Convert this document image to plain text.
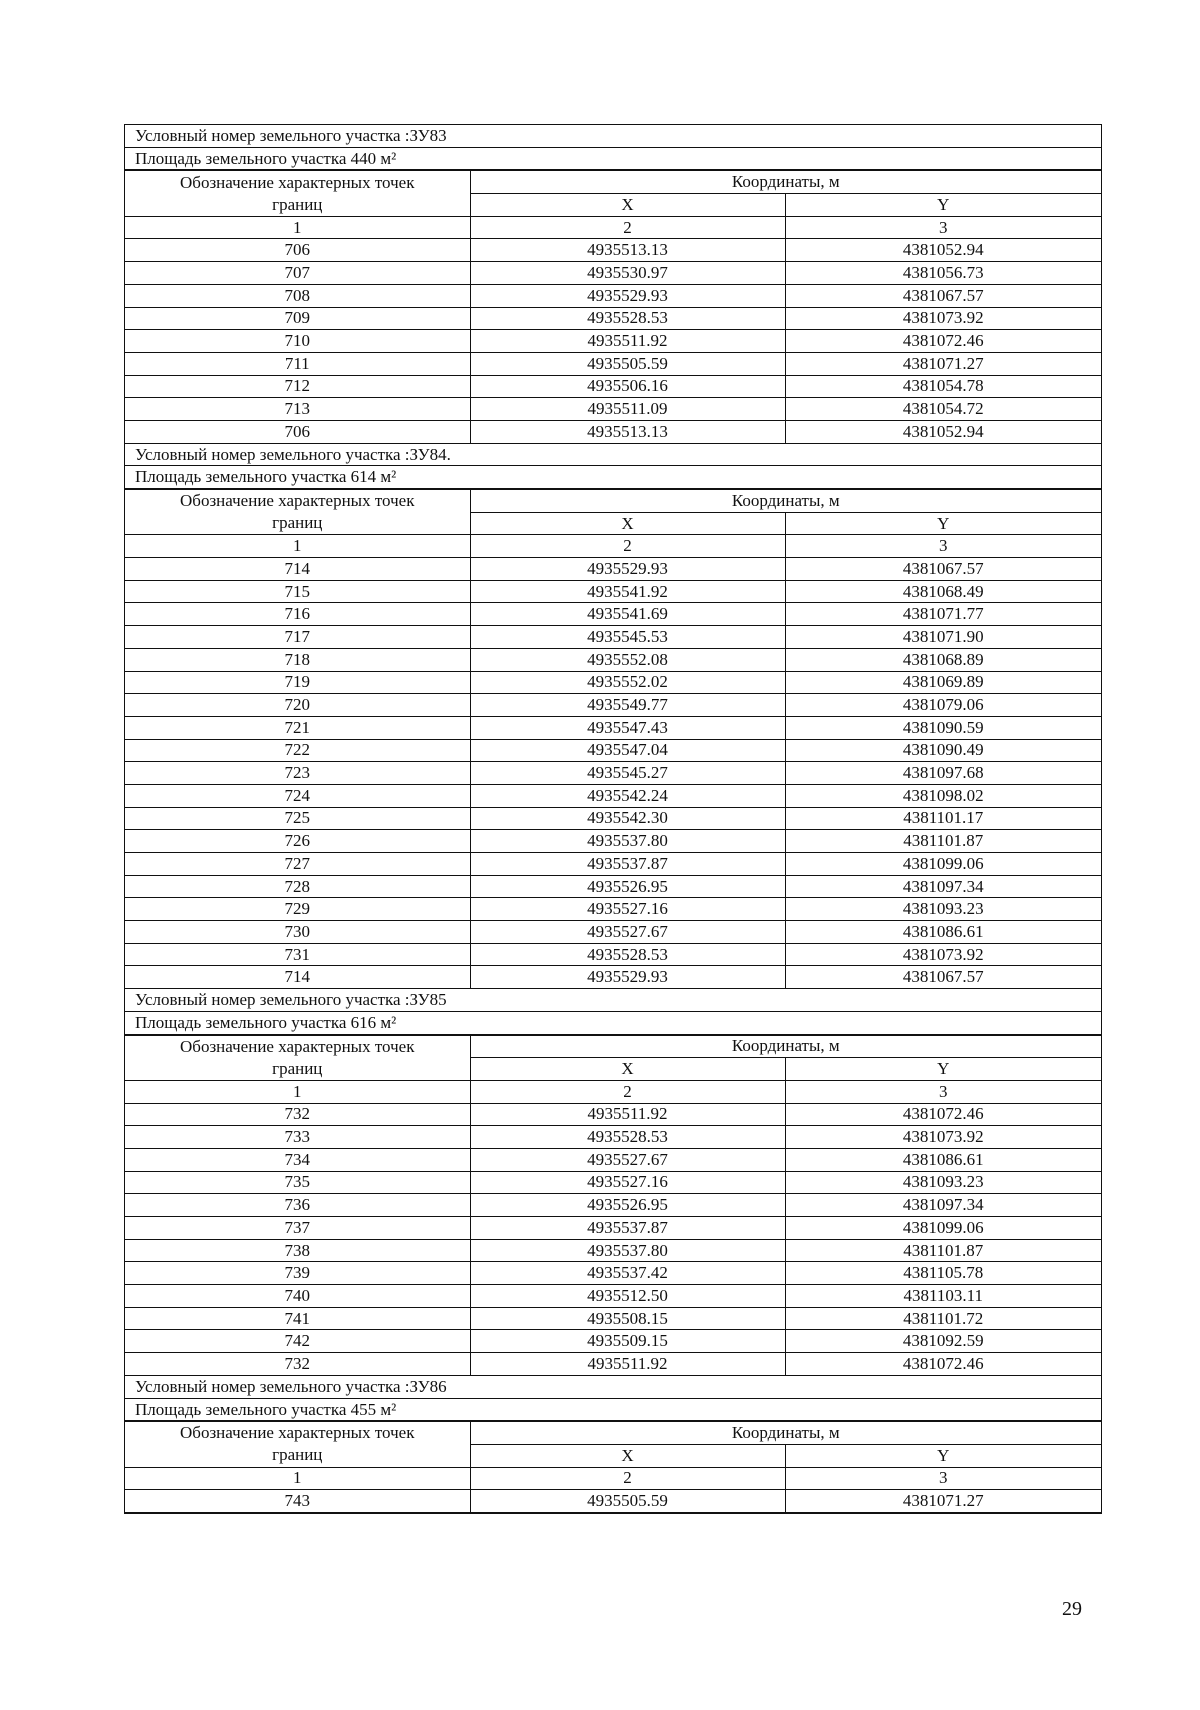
Условный номер земельного участка :ЗУ83
Площадь земельного участка 440 м²
Обозначение характерных точек
границ	Координаты, м	
	X	Y
1	2	3
706	4935513.13	4381052.94
707	4935530.97	4381056.73
708	4935529.93	4381067.57
709	4935528.53	4381073.92
710	4935511.92	4381072.46
711	4935505.59	4381071.27
712	4935506.16	4381054.78
713	4935511.09	4381054.72
706	4935513.13	4381052.94
Условный номер земельного участка :ЗУ84.
Площадь земельного участка 614 м²
Обозначение характерных точек
границ	Координаты, м	
	X	Y
1	2	3
714	4935529.93	4381067.57
715	4935541.92	4381068.49
716	4935541.69	4381071.77
717	4935545.53	4381071.90
718	4935552.08	4381068.89
719	4935552.02	4381069.89
720	4935549.77	4381079.06
721	4935547.43	4381090.59
722	4935547.04	4381090.49
723	4935545.27	4381097.68
724	4935542.24	4381098.02
725	4935542.30	4381101.17
726	4935537.80	4381101.87
727	4935537.87	4381099.06
728	4935526.95	4381097.34
729	4935527.16	4381093.23
730	4935527.67	4381086.61
731	4935528.53	4381073.92
714	4935529.93	4381067.57
Условный номер земельного участка :ЗУ85
Площадь земельного участка 616 м²
Обозначение характерных точек
границ	Координаты, м	
	X	Y
1	2	3
732	4935511.92	4381072.46
733	4935528.53	4381073.92
734	4935527.67	4381086.61
735	4935527.16	4381093.23
736	4935526.95	4381097.34
737	4935537.87	4381099.06
738	4935537.80	4381101.87
739	4935537.42	4381105.78
740	4935512.50	4381103.11
741	4935508.15	4381101.72
742	4935509.15	4381092.59
732	4935511.92	4381072.46
Условный номер земельного участка :ЗУ86
Площадь земельного участка 455 м²
Обозначение характерных точек
границ	Координаты, м	
	X	Y
1	2	3
743	4935505.59	4381071.27
29
